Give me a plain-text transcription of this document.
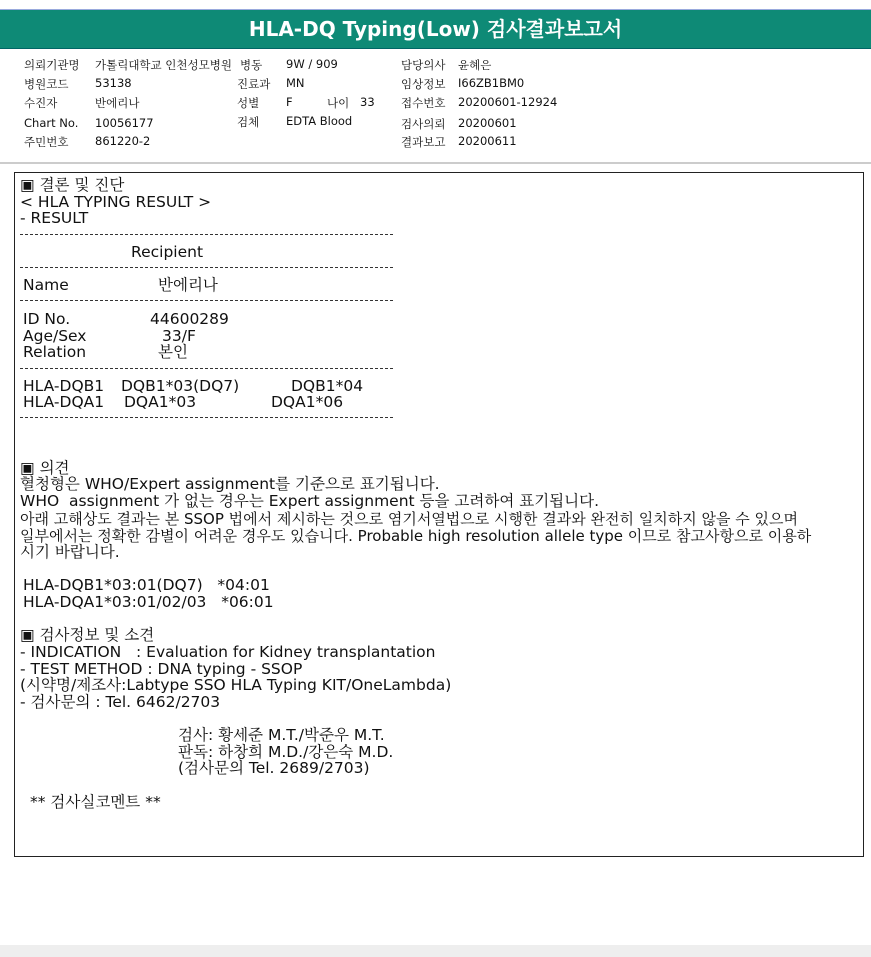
HLA-DQ Typing(Low) 검사결과보고서
의뢰기관명 가톨릭대학교 인천성모병원 병동 9W / 909	담당의사 윤혜은
병원코드 53138	진료과 MN	임상정보 I66ZB1BM0
수진자	반에리나	성별 F	나이 33 접수번호 20200601-12924
Chart No. 10056177	검체 EDTA Blood	검사의뢰 20200601
주민번호 861220-2	결과보고 20200611
▣ 결론 및 진단
< HLA TYPING RESULT >
- RESULT
Recipient
Name	반에리나
ID No.	44600289
Age/Sex	33/F
Relation	본인
HLA-DQB1 DQB1*03(DQ7)	DQB1*04
HLA-DQA1 DQA1*03	DQA1*06
▣ 의견
혈청형은 WHO/Expert assignment를 기준으로 표기됩니다.
WHO  assignment 가 없는 경우는 Expert assignment 등을 고려하여 표기됩니다.
아래 고해상도 결과는 본 SSOP 법에서 제시하는 것으로 염기서열법으로 시행한 결과와 완전히 일치하지 않을 수 있으며
일부에서는 정확한 감별이 어려운 경우도 있습니다. Probable high resolution allele type 이므로 참고사항으로 이용하
시기 바랍니다.
HLA-DQB1*03:01(DQ7)   *04:01
HLA-DQA1*03:01/02/03   *06:01
▣ 검사정보 및 소견
- INDICATION   : Evaluation for Kidney transplantation
- TEST METHOD : DNA typing - SSOP
(시약명/제조사:Labtype SSO HLA Typing KIT/OneLambda)
- 검사문의 : Tel. 6462/2703
검사: 황세준 M.T./박준우 M.T.
판독: 하창희 M.D./강은숙 M.D.
(검사문의 Tel. 2689/2703)
** 검사실코멘트 **
